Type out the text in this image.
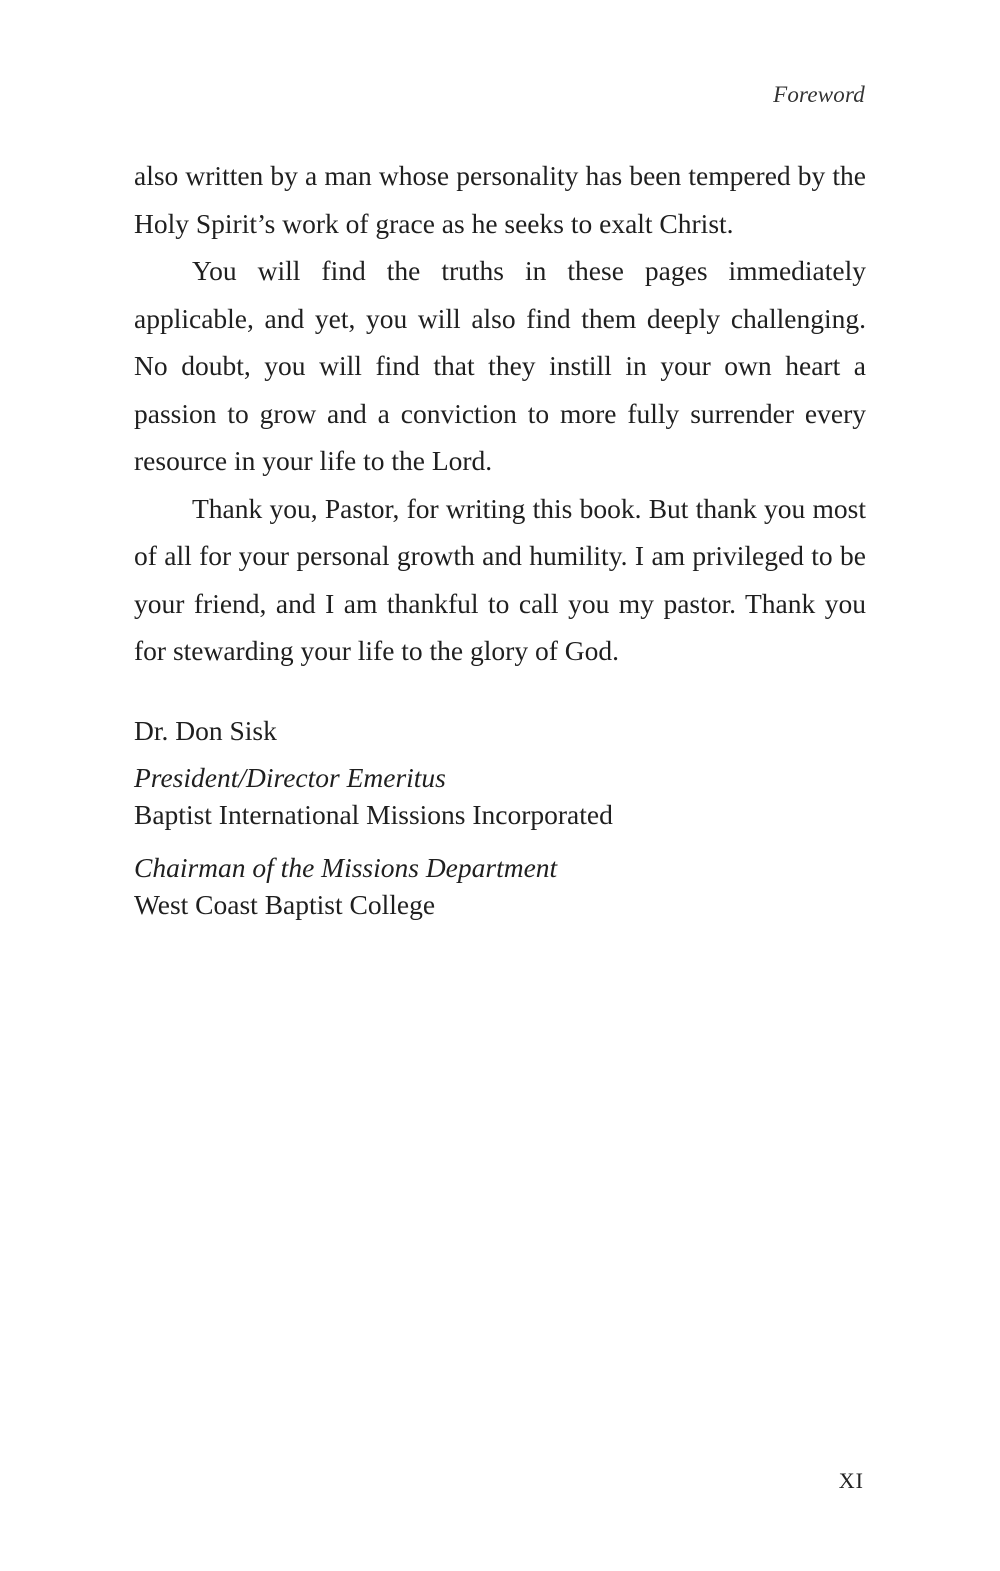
Foreword

also written by a man whose personality has been tempered by the Holy Spirit’s work of grace as he seeks to exalt Christ.

You will find the truths in these pages immediately applicable, and yet, you will also find them deeply challenging. No doubt, you will find that they instill in your own heart a passion to grow and a conviction to more fully surrender every resource in your life to the Lord.

Thank you, Pastor, for writing this book. But thank you most of all for your personal growth and humility. I am privileged to be your friend, and I am thankful to call you my pastor. Thank you for stewarding your life to the glory of God.

Dr. Don Sisk

President/Director Emeritus

Baptist International Missions Incorporated

Chairman of the Missions Department

West Coast Baptist College

XI
